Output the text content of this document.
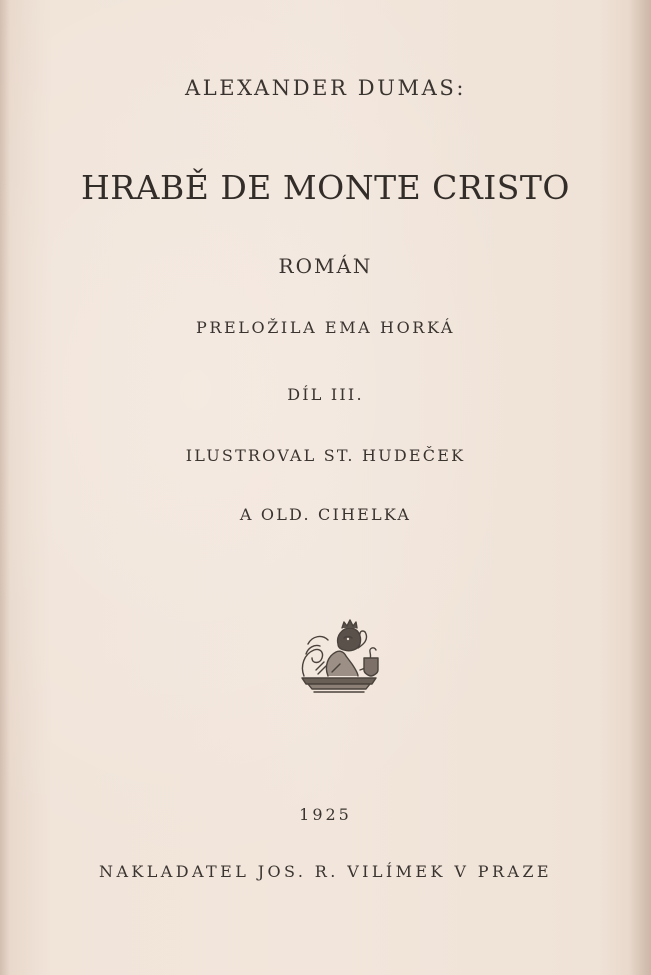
ALEXANDER DUMAS:
HRABĚ DE MONTE CRISTO
ROMÁN
PRELOŽILA EMA HORKÁ
DÍL III.
ILUSTROVAL ST. HUDEČEK
A OLD. CIHELKA
1925
NAKLADATEL JOS. R. VILÍMEK V PRAZE
